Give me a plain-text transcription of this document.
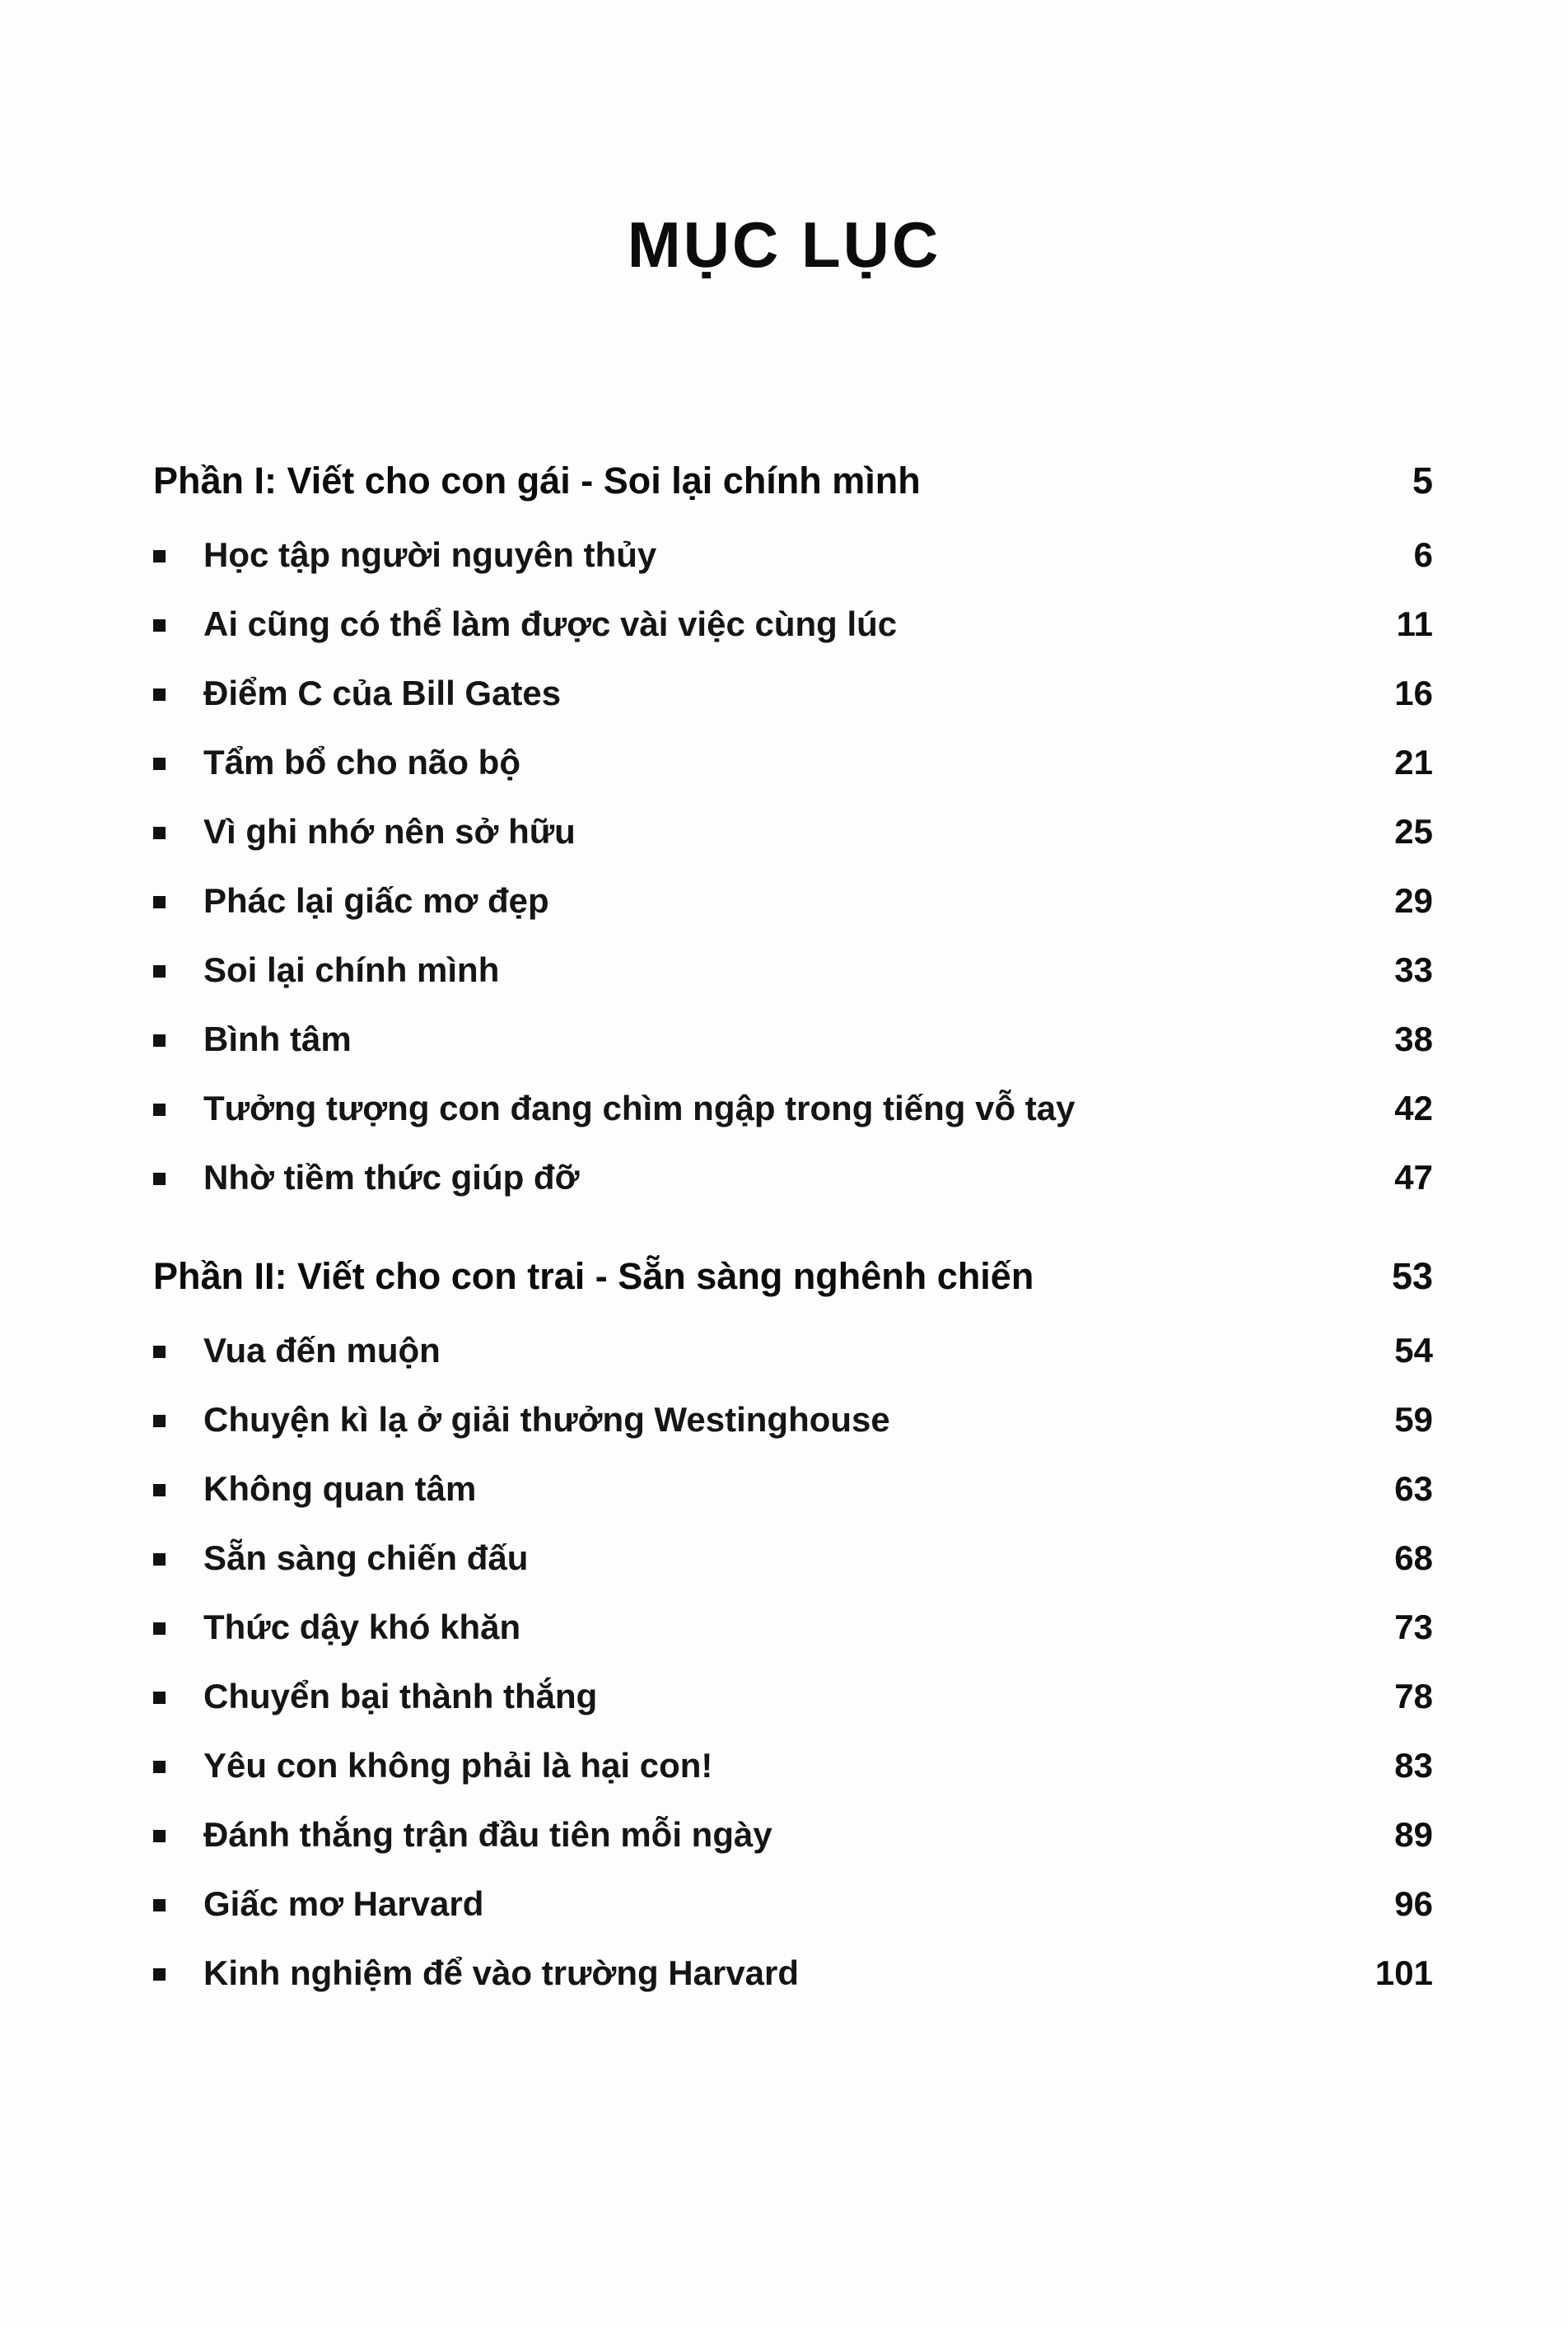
MỤC LỤC
Phần I: Viết cho con gái - Soi lại chính mình	5
Học tập người nguyên thủy	6
Ai cũng có thể làm được vài việc cùng lúc	11
Điểm C của Bill Gates	16
Tẩm bổ cho não bộ	21
Vì ghi nhớ nên sở hữu	25
Phác lại giấc mơ đẹp	29
Soi lại chính mình	33
Bình tâm	38
Tưởng tượng con đang chìm ngập trong tiếng vỗ tay	42
Nhờ tiềm thức giúp đỡ	47
Phần II: Viết cho con trai - Sẵn sàng nghênh chiến	53
Vua đến muộn	54
Chuyện kì lạ ở giải thưởng Westinghouse	59
Không quan tâm	63
Sẵn sàng chiến đấu	68
Thức dậy khó khăn	73
Chuyển bại thành thắng	78
Yêu con không phải là hại con!	83
Đánh thắng trận đầu tiên mỗi ngày	89
Giấc mơ Harvard	96
Kinh nghiệm để vào trường Harvard	101
